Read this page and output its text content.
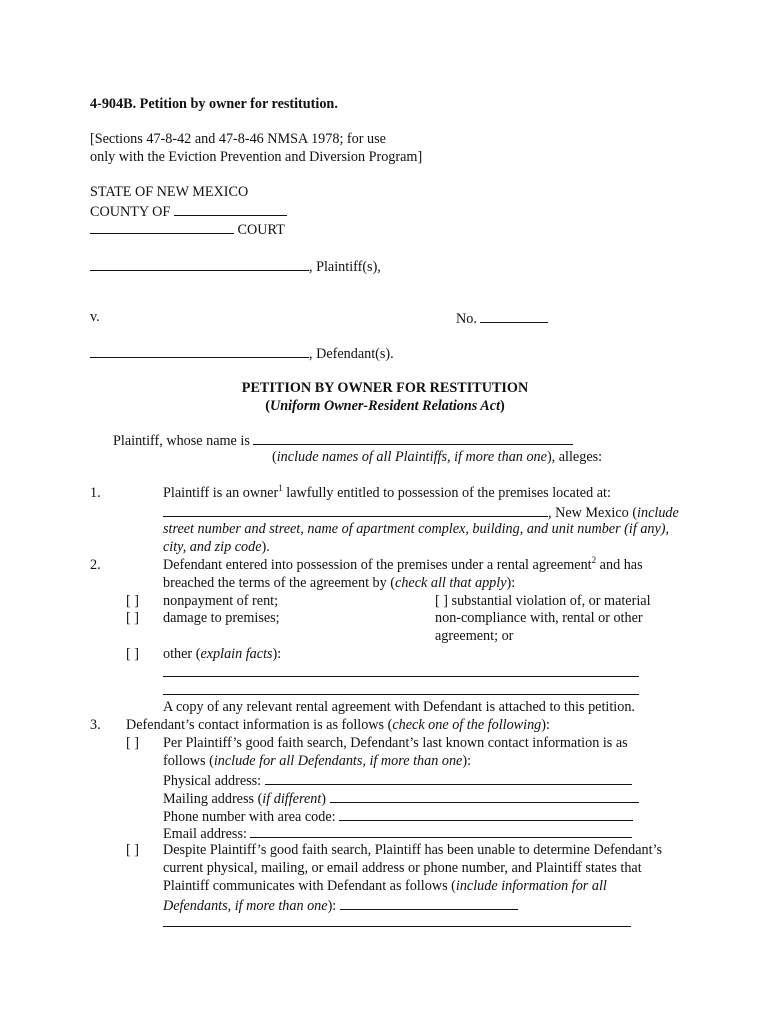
4-904B. Petition by owner for restitution.
[Sections 47-8-42 and 47-8-46 NMSA 1978; for use
only with the Eviction Prevention and Diversion Program]
STATE OF NEW MEXICO
COUNTY OF
COURT
, Plaintiff(s),
v.	No.
, Defendant(s).
PETITION BY OWNER FOR RESTITUTION
(Uniform Owner-Resident Relations Act)
Plaintiff, whose name is
(include names of all Plaintiffs, if more than one), alleges:
1.	Plaintiff is an owner$^1$ lawfully entitled to possession of the premises located at:
, New Mexico (include
street number and street, name of apartment complex, building, and unit number (if any),
city, and zip code).
2.	Defendant entered into possession of the premises under a rental agreement$^2$ and has
breached the terms of the agreement by (check all that apply):
[ ] nonpayment of rent;	[ ] substantial violation of, or material
[ ] damage to premises;	non-compliance with, rental or other
agreement; or
[ ] other (explain facts):
A copy of any relevant rental agreement with Defendant is attached to this petition.
3. Defendant’s contact information is as follows (check one of the following):
[ ] Per Plaintiff’s good faith search, Defendant’s last known contact information is as
follows (include for all Defendants, if more than one):
Physical address:
Mailing address (if different)
Phone number with area code:
Email address:
[ ] Despite Plaintiff’s good faith search, Plaintiff has been unable to determine Defendant’s
current physical, mailing, or email address or phone number, and Plaintiff states that
Plaintiff communicates with Defendant as follows (include information for all
Defendants, if more than one):
